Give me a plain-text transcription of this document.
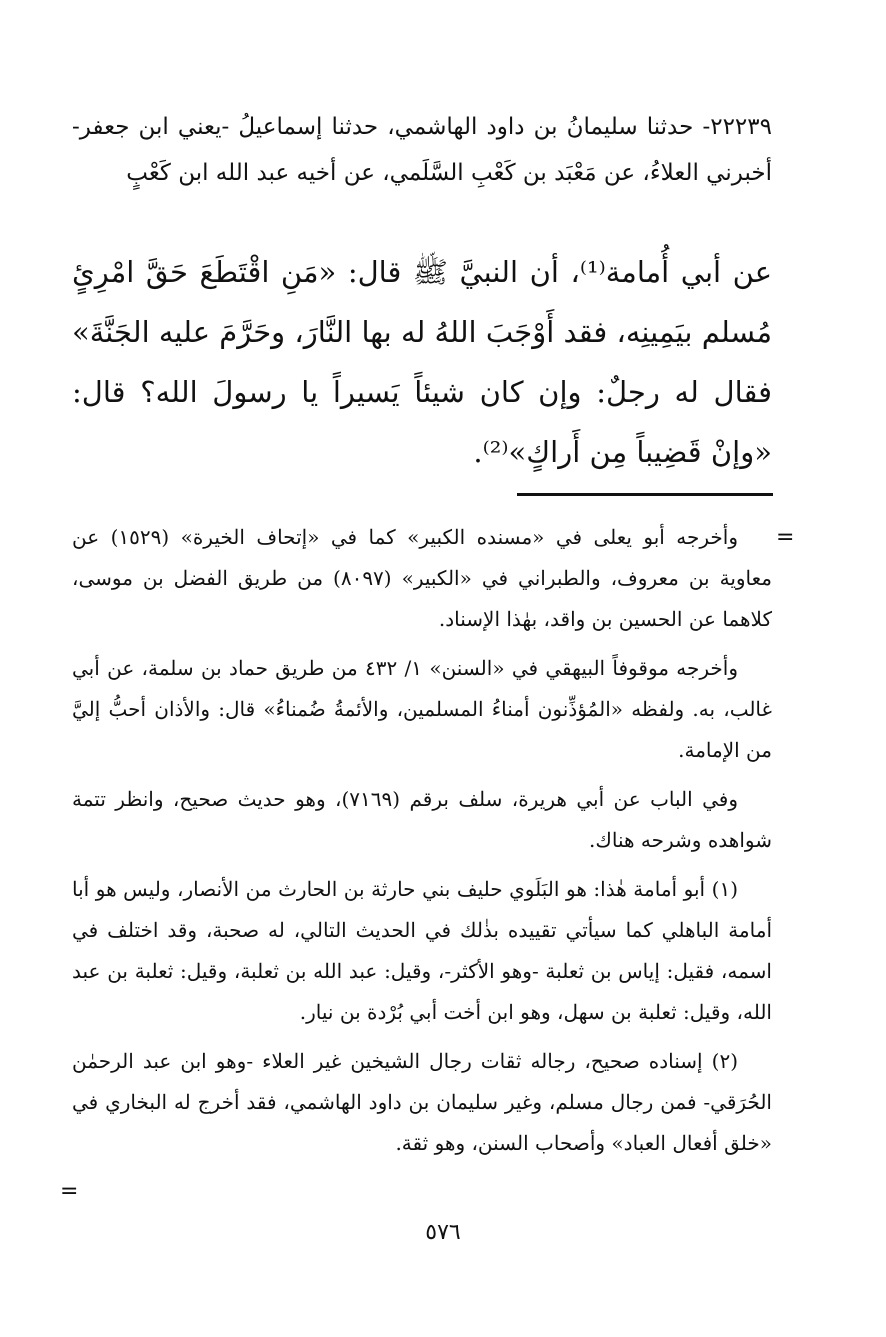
٢٢٢٣٩- حدثنا سليمانُ بن داود الهاشمي، حدثنا إسماعيلُ -يعني ابن جعفر- أخبرني العلاءُ، عن مَعْبَد بن كَعْبِ السَّلَمي، عن أخيه عبد الله ابن كَعْبٍ
عن أبي أُمامة⁽¹⁾، أن النبيَّ ﷺ قال: «مَنِ اقْتَطَعَ حَقَّ امْرِئٍ مُسلم بيَمِينِه، فقد أَوْجَبَ اللهُ له بها النَّارَ، وحَرَّمَ عليه الجَنَّةَ» فقال له رجلٌ: وإن كان شيئاً يَسيراً يا رسولَ الله؟ قال: «وإنْ قَضِيباً مِن أَراكٍ»⁽²⁾.
=

وأخرجه أبو يعلى في «مسنده الكبير» كما في «إتحاف الخيرة» (١٥٢٩) عن معاوية بن معروف، والطبراني في «الكبير» (٨٠٩٧) من طريق الفضل بن موسى، كلاهما عن الحسين بن واقد، بهٰذا الإسناد.

وأخرجه موقوفاً البيهقي في «السنن» ١/ ٤٣٢ من طريق حماد بن سلمة، عن أبي غالب، به. ولفظه «المُؤذِّنون أمناءُ المسلمين، والأئمةُ ضُمناءُ» قال: والأذان أحبُّ إليَّ من الإمامة.

وفي الباب عن أبي هريرة، سلف برقم (٧١٦٩)، وهو حديث صحيح، وانظر تتمة شواهده وشرحه هناك.

(١) أبو أمامة هٰذا: هو البَلَوي حليف بني حارثة بن الحارث من الأنصار، وليس هو أبا أمامة الباهلي كما سيأتي تقييده بذٰلك في الحديث التالي، له صحبة، وقد اختلف في اسمه، فقيل: إياس بن ثعلبة -وهو الأكثر-، وقيل: عبد الله بن ثعلبة، وقيل: ثعلبة بن عبد الله، وقيل: ثعلبة بن سهل، وهو ابن أخت أبي بُرْدة بن نيار.

(٢) إسناده صحيح، رجاله ثقات رجال الشيخين غير العلاء -وهو ابن عبد الرحمٰن الحُرَقي- فمن رجال مسلم، وغير سليمان بن داود الهاشمي، فقد أخرج له البخاري في «خلق أفعال العباد» وأصحاب السنن، وهو ثقة.

=
٥٧٦
